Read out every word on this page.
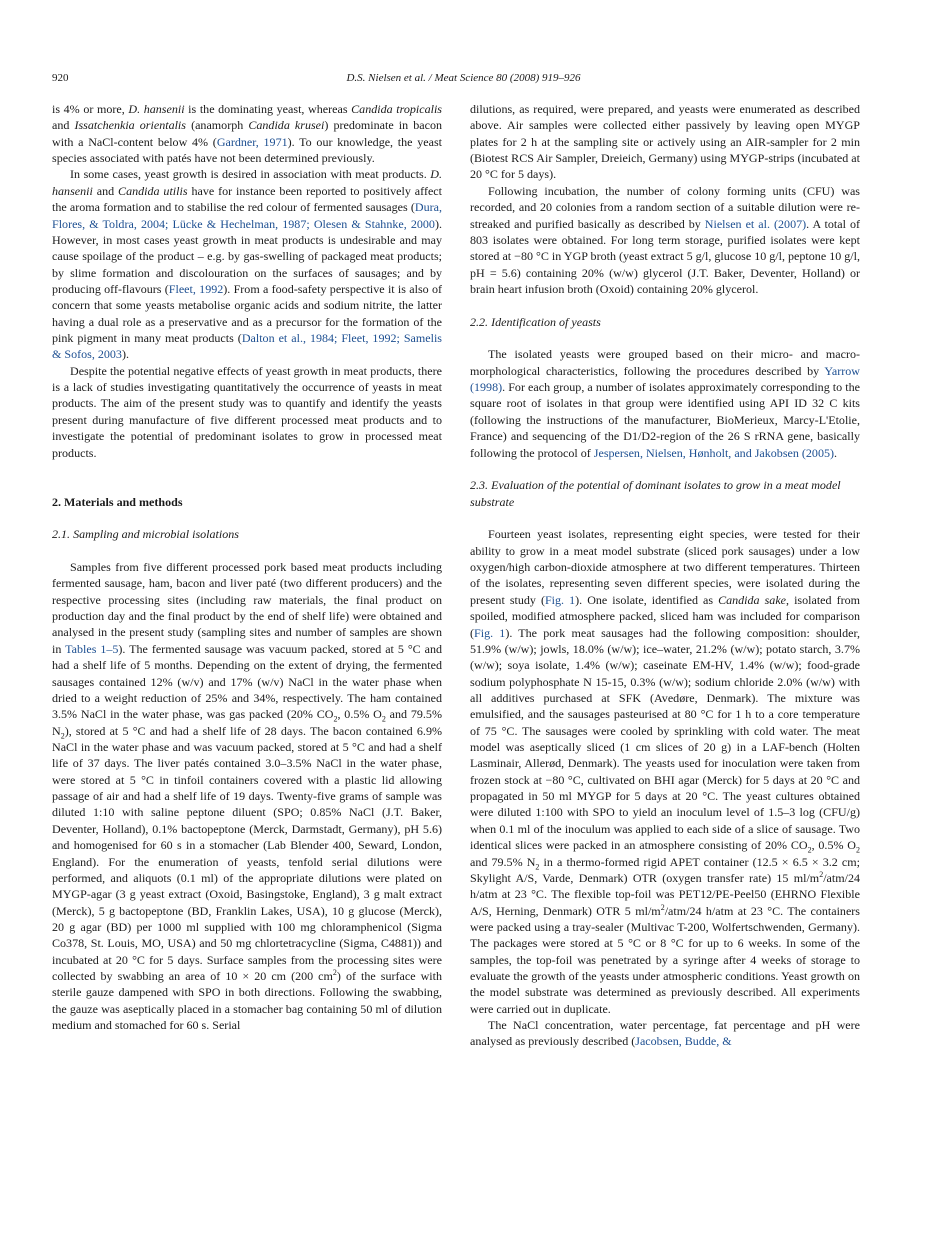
920	D.S. Nielsen et al. / Meat Science 80 (2008) 919–926

is 4% or more, D. hansenii is the dominating yeast, whereas Candida tropicalis and Issatchenkia orientalis (anamorph Candida krusei) predominate in bacon with a NaCl-content below 4% (Gardner, 1971). To our knowledge, the yeast species associated with patés have not been determined previously.

In some cases, yeast growth is desired in association with meat products. D. hansenii and Candida utilis have for instance been reported to positively affect the aroma formation and to stabilise the red colour of fermented sausages (Dura, Flores, & Toldra, 2004; Lücke & Hechelman, 1987; Olesen & Stahnke, 2000). However, in most cases yeast growth in meat products is undesirable and may cause spoilage of the product – e.g. by gas-swelling of packaged meat products; by slime formation and discolouration on the surfaces of sausages; and by producing off-flavours (Fleet, 1992). From a food-safety perspective it is also of concern that some yeasts metabolise organic acids and sodium nitrite, the latter having a dual role as a preservative and as a precursor for the formation of the pink pigment in many meat products (Dalton et al., 1984; Fleet, 1992; Samelis & Sofos, 2003).

Despite the potential negative effects of yeast growth in meat products, there is a lack of studies investigating quantitatively the occurrence of yeasts in meat products. The aim of the present study was to quantify and identify the yeasts present during manufacture of five different processed meat products and to investigate the potential of predominant isolates to grow in processed meat products.

2. Materials and methods

2.1. Sampling and microbial isolations

Samples from five different processed pork based meat products including fermented sausage, ham, bacon and liver paté (two different producers) and the respective processing sites (including raw materials, the final product on production day and the final product by the end of shelf life) were obtained and analysed in the present study (sampling sites and number of samples are shown in Tables 1–5). The fermented sausage was vacuum packed, stored at 5 °C and had a shelf life of 5 months. Depending on the extent of drying, the fermented sausages contained 12% (w/v) and 17% (w/v) NaCl in the water phase when dried to a weight reduction of 25% and 34%, respectively. The ham contained 3.5% NaCl in the water phase, was gas packed (20% $CO_2$, 0.5% $O_2$ and 79.5% $N_2$), stored at 5 °C and had a shelf life of 28 days. The bacon contained 6.9% NaCl in the water phase and was vacuum packed, stored at 5 °C and had a shelf life of 37 days. The liver patés contained 3.0–3.5% NaCl in the water phase, were stored at 5 °C in tinfoil containers covered with a plastic lid allowing passage of air and had a shelf life of 19 days. Twenty-five grams of sample was diluted 1:10 with saline peptone diluent (SPO; 0.85% NaCl (J.T. Baker, Deventer, Holland), 0.1% bactopeptone (Merck, Darmstadt, Germany), pH 5.6) and homogenised for 60 s in a stomacher (Lab Blender 400, Seward, London, England). For the enumeration of yeasts, tenfold serial dilutions were performed, and aliquots (0.1 ml) of the appropriate dilutions were plated on MYGP-agar (3 g yeast extract (Oxoid, Basingstoke, England), 3 g malt extract (Merck), 5 g bactopeptone (BD, Franklin Lakes, USA), 10 g glucose (Merck), 20 g agar (BD) per 1000 ml supplied with 100 mg chloramphenicol (Sigma Co378, St. Louis, MO, USA) and 50 mg chlortetracycline (Sigma, C4881)) and incubated at 20 °C for 5 days. Surface samples from the processing sites were collected by swabbing an area of 10 × 20 cm (200 $cm^2$) of the surface with sterile gauze dampened with SPO in both directions. Following the swabbing, the gauze was aseptically placed in a stomacher bag containing 50 ml of dilution medium and stomached for 60 s. Serial

dilutions, as required, were prepared, and yeasts were enumerated as described above. Air samples were collected either passively by leaving open MYGP plates for 2 h at the sampling site or actively using an AIR-sampler for 2 min (Biotest RCS Air Sampler, Dreieich, Germany) using MYGP-strips (incubated at 20 °C for 5 days).

Following incubation, the number of colony forming units (CFU) was recorded, and 20 colonies from a random section of a suitable dilution were re-streaked and purified basically as described by Nielsen et al. (2007). A total of 803 isolates were obtained. For long term storage, purified isolates were kept stored at −80 °C in YGP broth (yeast extract 5 g/l, glucose 10 g/l, peptone 10 g/l, pH = 5.6) containing 20% (w/w) glycerol (J.T. Baker, Deventer, Holland) or brain heart infusion broth (Oxoid) containing 20% glycerol.

2.2. Identification of yeasts

The isolated yeasts were grouped based on their micro- and macro-morphological characteristics, following the procedures described by Yarrow (1998). For each group, a number of isolates approximately corresponding to the square root of isolates in that group were identified using API ID 32 C kits (following the instructions of the manufacturer, BioMerieux, Marcy-L'Etolie, France) and sequencing of the D1/D2-region of the 26 S rRNA gene, basically following the protocol of Jespersen, Nielsen, Hønholt, and Jakobsen (2005).

2.3. Evaluation of the potential of dominant isolates to grow in a meat model substrate

Fourteen yeast isolates, representing eight species, were tested for their ability to grow in a meat model substrate (sliced pork sausages) under a low oxygen/high carbon-dioxide atmosphere at two different temperatures. Thirteen of the isolates, representing seven different species, were isolated during the present study (Fig. 1). One isolate, identified as Candida sake, isolated from spoiled, modified atmosphere packed, sliced ham was included for comparison (Fig. 1). The pork meat sausages had the following composition: shoulder, 51.9% (w/w); jowls, 18.0% (w/w); ice–water, 21.2% (w/w); potato starch, 3.7% (w/w); soya isolate, 1.4% (w/w); caseinate EM-HV, 1.4% (w/w); food-grade sodium polyphosphate N 15-15, 0.3% (w/w); sodium chloride 2.0% (w/w) with all additives purchased at SFK (Avedøre, Denmark). The mixture was emulsified, and the sausages pasteurised at 80 °C for 1 h to a core temperature of 75 °C. The sausages were cooled by sprinkling with cold water. The meat model was aseptically sliced (1 cm slices of 20 g) in a LAF-bench (Holten Lasminair, Allerød, Denmark). The yeasts used for inoculation were taken from frozen stock at −80 °C, cultivated on BHI agar (Merck) for 5 days at 20 °C and propagated in 50 ml MYGP for 5 days at 20 °C. The yeast cultures obtained were diluted 1:100 with SPO to yield an inoculum level of 1.5–3 log (CFU/g) when 0.1 ml of the inoculum was applied to each side of a slice of sausage. Two identical slices were packed in an atmosphere consisting of 20% $CO_2$, 0.5% $O_2$ and 79.5% $N_2$ in a thermo-formed rigid APET container (12.5 × 6.5 × 3.2 cm; Skylight A/S, Varde, Denmark) OTR (oxygen transfer rate) 15 $ml/m^2/atm/24$ h/atm at 23 °C. The flexible top-foil was PET12/PE-Peel50 (EHRNO Flexible A/S, Herning, Denmark) OTR 5 $ml/m^2/atm/24$ h/atm at 23 °C. The containers were packed using a tray-sealer (Multivac T-200, Wolfertschwenden, Germany). The packages were stored at 5 °C or 8 °C for up to 6 weeks. In some of the samples, the top-foil was penetrated by a syringe after 4 weeks of storage to evaluate the growth of the yeasts under atmospheric conditions. Yeast growth on the model substrate was determined as previously described. All experiments were carried out in duplicate.

The NaCl concentration, water percentage, fat percentage and pH were analysed as previously described (Jacobsen, Budde, &
